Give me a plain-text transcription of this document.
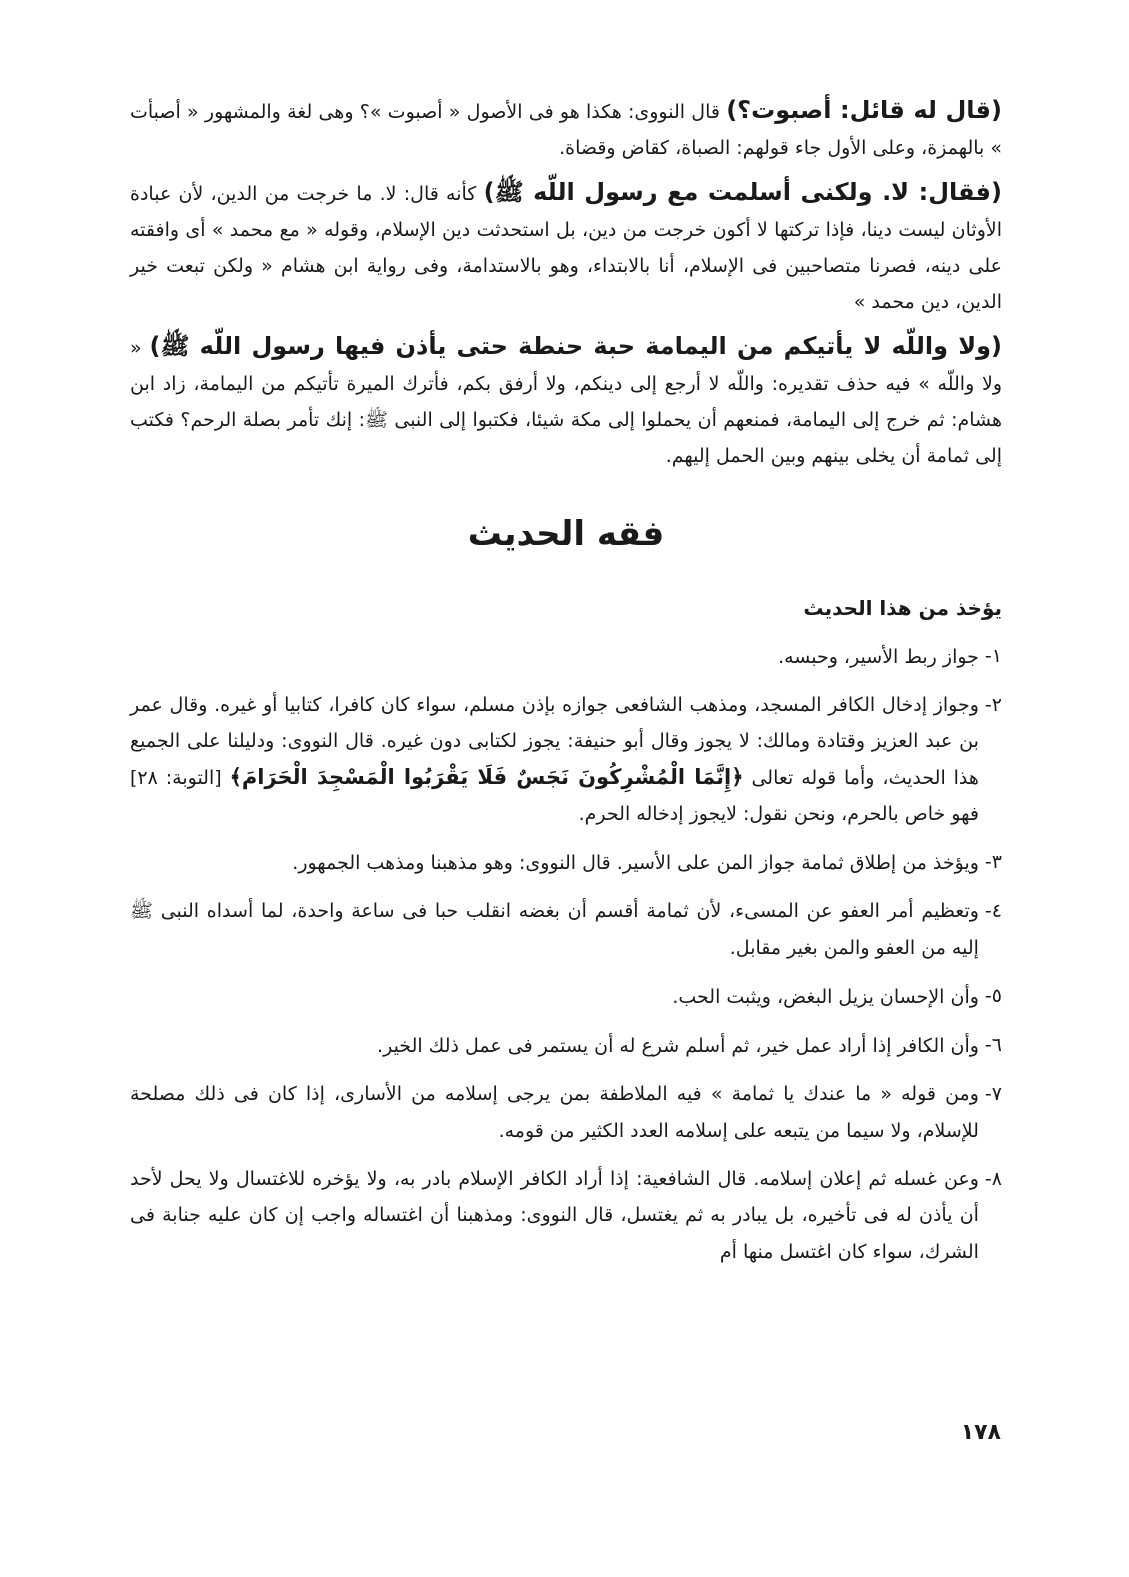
(قال له قائل: أصبوت؟) قال النووى: هكذا هو فى الأصول « أصبوت »؟ وهى لغة والمشهور « أصبأت » بالهمزة، وعلى الأول جاء قولهم: الصباة، كقاض وقضاة.

(فقال: لا. ولكنى أسلمت مع رسول اللّه ﷺ) كأنه قال: لا. ما خرجت من الدين، لأن عبادة الأوثان ليست دينا، فإذا تركتها لا أكون خرجت من دين، بل استحدثت دين الإسلام، وقوله « مع محمد » أى وافقته على دينه، فصرنا متصاحبين فى الإسلام، أنا بالابتداء، وهو بالاستدامة، وفى رواية ابن هشام « ولكن تبعت خير الدين، دين محمد »

(ولا واللّه لا يأتيكم من اليمامة حبة حنطة حتى يأذن فيها رسول اللّه ﷺ) « ولا واللّه » فيه حذف تقديره: واللّه لا أرجع إلى دينكم، ولا أرفق بكم، فأترك الميرة تأتيكم من اليمامة، زاد ابن هشام: ثم خرج إلى اليمامة، فمنعهم أن يحملوا إلى مكة شيئا، فكتبوا إلى النبى ﷺ: إنك تأمر بصلة الرحم؟ فكتب إلى ثمامة أن يخلى بينهم وبين الحمل إليهم.

فقه الحديث
يؤخذ من هذا الحديث
١-
جواز ربط الأسير، وحبسه.
٢-
وجواز إدخال الكافر المسجد، ومذهب الشافعى جوازه بإذن مسلم، سواء كان كافرا، كتابيا أو غيره. وقال عمر بن عبد العزيز وقتادة ومالك: لا يجوز وقال أبو حنيفة: يجوز لكتابى دون غيره. قال النووى: ودليلنا على الجميع هذا الحديث، وأما قوله تعالى ﴿إِنَّمَا الْمُشْرِكُونَ نَجَسٌ فَلَا يَقْرَبُوا الْمَسْجِدَ الْحَرَامَ﴾ [التوبة: ٢٨] فهو خاص بالحرم، ونحن نقول: لايجوز إدخاله الحرم.
٣-
ويؤخذ من إطلاق ثمامة جواز المن على الأسير. قال النووى: وهو مذهبنا ومذهب الجمهور.
٤-
وتعظيم أمر العفو عن المسىء، لأن ثمامة أقسم أن بغضه انقلب حبا فى ساعة واحدة، لما أسداه النبى ﷺ إليه من العفو والمن بغير مقابل.
٥-
وأن الإحسان يزيل البغض، ويثبت الحب.
٦-
وأن الكافر إذا أراد عمل خير، ثم أسلم شرع له أن يستمر فى عمل ذلك الخير.
٧-
ومن قوله « ما عندك يا ثمامة » فيه الملاطفة بمن يرجى إسلامه من الأسارى، إذا كان فى ذلك مصلحة للإسلام، ولا سيما من يتبعه على إسلامه العدد الكثير من قومه.
٨-
وعن غسله ثم إعلان إسلامه. قال الشافعية: إذا أراد الكافر الإسلام بادر به، ولا يؤخره للاغتسال ولا يحل لأحد أن يأذن له فى تأخيره، بل يبادر به ثم يغتسل، قال النووى: ومذهبنا أن اغتساله واجب إن كان عليه جنابة فى الشرك، سواء كان اغتسل منها أم
١٧٨
